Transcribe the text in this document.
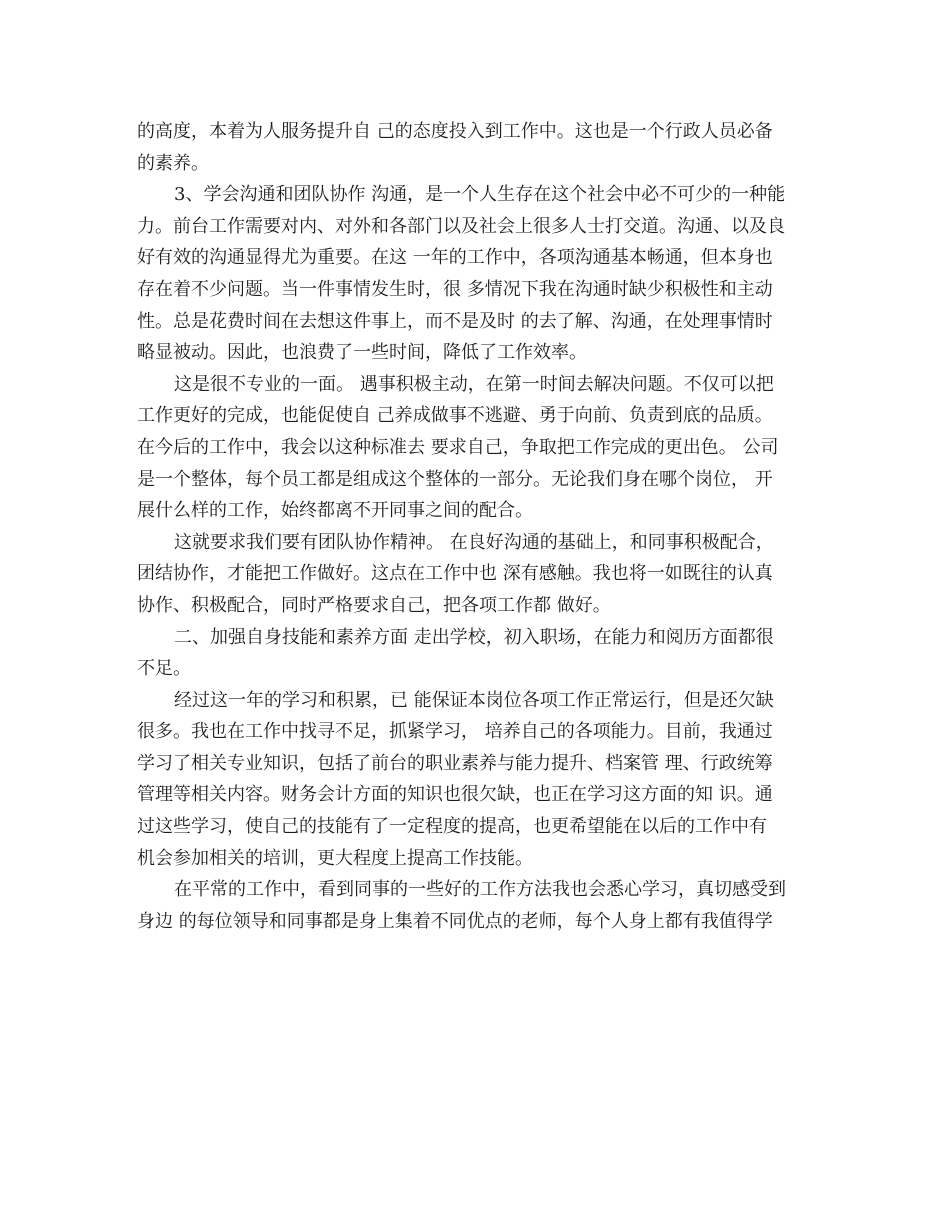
的高度，本着为人服务提升自 己的态度投入到工作中。这也是一个行政人员必备
的素养。
3、学会沟通和团队协作 沟通，是一个人生存在这个社会中必不可少的一种能
力。前台工作需要对内、对外和各部门以及社会上很多人士打交道。沟通、以及良
好有效的沟通显得尤为重要。在这 一年的工作中，各项沟通基本畅通，但本身也
存在着不少问题。当一件事情发生时，很 多情况下我在沟通时缺少积极性和主动
性。总是花费时间在去想这件事上，而不是及时 的去了解、沟通，在处理事情时
略显被动。因此，也浪费了一些时间，降低了工作效率。
这是很不专业的一面。 遇事积极主动，在第一时间去解决问题。不仅可以把
工作更好的完成，也能促使自 己养成做事不逃避、勇于向前、负责到底的品质。
在今后的工作中，我会以这种标准去 要求自己，争取把工作完成的更出色。 公司
是一个整体，每个员工都是组成这个整体的一部分。无论我们身在哪个岗位， 开
展什么样的工作，始终都离不开同事之间的配合。
这就要求我们要有团队协作精神。 在良好沟通的基础上，和同事积极配合，
团结协作，才能把工作做好。这点在工作中也 深有感触。我也将一如既往的认真
协作、积极配合，同时严格要求自己，把各项工作都 做好。
二、加强自身技能和素养方面 走出学校，初入职场，在能力和阅历方面都很
不足。
经过这一年的学习和积累，已 能保证本岗位各项工作正常运行，但是还欠缺
很多。我也在工作中找寻不足，抓紧学习， 培养自己的各项能力。目前，我通过
学习了相关专业知识，包括了前台的职业素养与能力提升、档案管 理、行政统筹
管理等相关内容。财务会计方面的知识也很欠缺，也正在学习这方面的知 识。通
过这些学习，使自己的技能有了一定程度的提高，也更希望能在以后的工作中有
机会参加相关的培训，更大程度上提高工作技能。
在平常的工作中，看到同事的一些好的工作方法我也会悉心学习，真切感受到
身边 的每位领导和同事都是身上集着不同优点的老师，每个人身上都有我值得学
